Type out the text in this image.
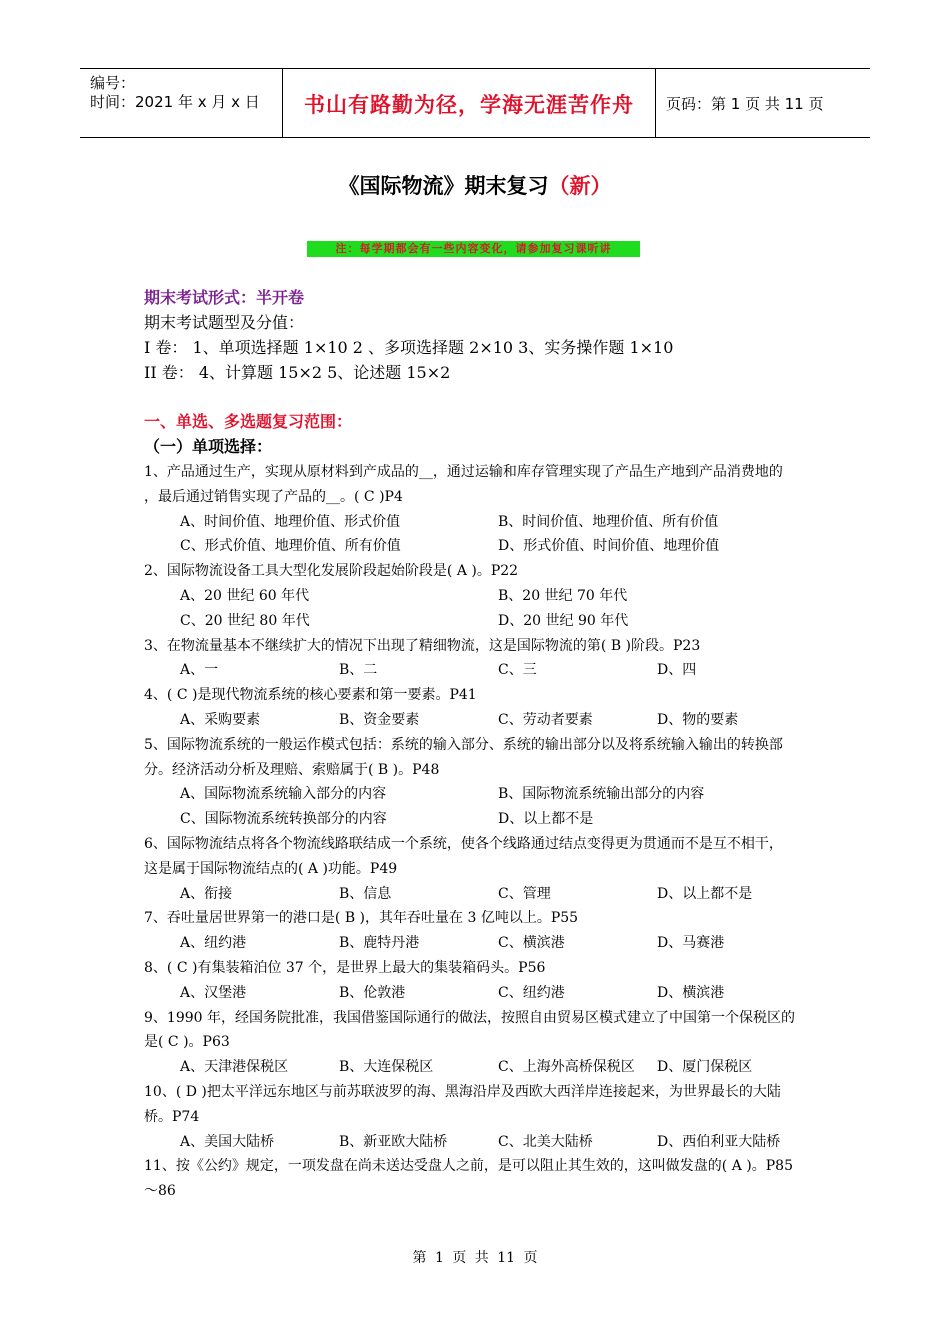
编号：
时间：2021 年 x 月 x 日	书山有路勤为径，学海无涯苦作舟	页码：第 1 页 共 11 页
《国际物流》期末复习（新）
注：每学期都会有一些内容变化，请参加复习课听讲
期末考试形式：半开卷
期末考试题型及分值：
I 卷： 1、单项选择题 1×10 2 、多项选择题 2×10 3、实务操作题 1×10
II 卷： 4、计算题 15×2 5、论述题 15×2
一、单选、多选题复习范围：
（一）单项选择：
1、产品通过生产，实现从原材料到产成品的__，通过运输和库存管理实现了产品生产地到产品消费地的
，最后通过销售实现了产品的__。( C )P4
A、时间价值、地理价值、形式价值	B、时间价值、地理价值、所有价值
C、形式价值、地理价值、所有价值	D、形式价值、时间价值、地理价值
2、国际物流设备工具大型化发展阶段起始阶段是( A )。P22
A、20 世纪 60 年代	B、20 世纪 70 年代
C、20 世纪 80 年代	D、20 世纪 90 年代
3、在物流量基本不继续扩大的情况下出现了精细物流，这是国际物流的第( B )阶段。P23
A、一	B、二	C、三	D、四
4、( C )是现代物流系统的核心要素和第一要素。P41
A、采购要素	B、资金要素	C、劳动者要素	D、物的要素
5、国际物流系统的一般运作模式包括：系统的输入部分、系统的输出部分以及将系统输入输出的转换部
分。经济活动分析及理赔、索赔属于( B )。P48
A、国际物流系统输入部分的内容	B、国际物流系统输出部分的内容
C、国际物流系统转换部分的内容	D、以上都不是
6、国际物流结点将各个物流线路联结成一个系统，使各个线路通过结点变得更为贯通而不是互不相干，
这是属于国际物流结点的( A )功能。P49
A、衔接	B、信息	C、管理	D、以上都不是
7、吞吐量居世界第一的港口是( B )，其年吞吐量在 3 亿吨以上。P55
A、纽约港	B、鹿特丹港	C、横滨港	D、马赛港
8、( C )有集装箱泊位 37 个，是世界上最大的集装箱码头。P56
A、汉堡港	B、伦敦港	C、纽约港	D、横滨港
9、1990 年，经国务院批准，我国借鉴国际通行的做法，按照自由贸易区模式建立了中国第一个保税区的
是( C )。P63
A、天津港保税区	B、大连保税区	C、上海外高桥保税区 D、厦门保税区
10、( D )把太平洋远东地区与前苏联波罗的海、黑海沿岸及西欧大西洋岸连接起来，为世界最长的大陆
桥。P74
A、美国大陆桥	B、新亚欧大陆桥	C、北美大陆桥	D、西伯利亚大陆桥
11、按《公约》规定，一项发盘在尚未送达受盘人之前，是可以阻止其生效的，这叫做发盘的( A )。P85
～86
第 1 页 共 11 页
